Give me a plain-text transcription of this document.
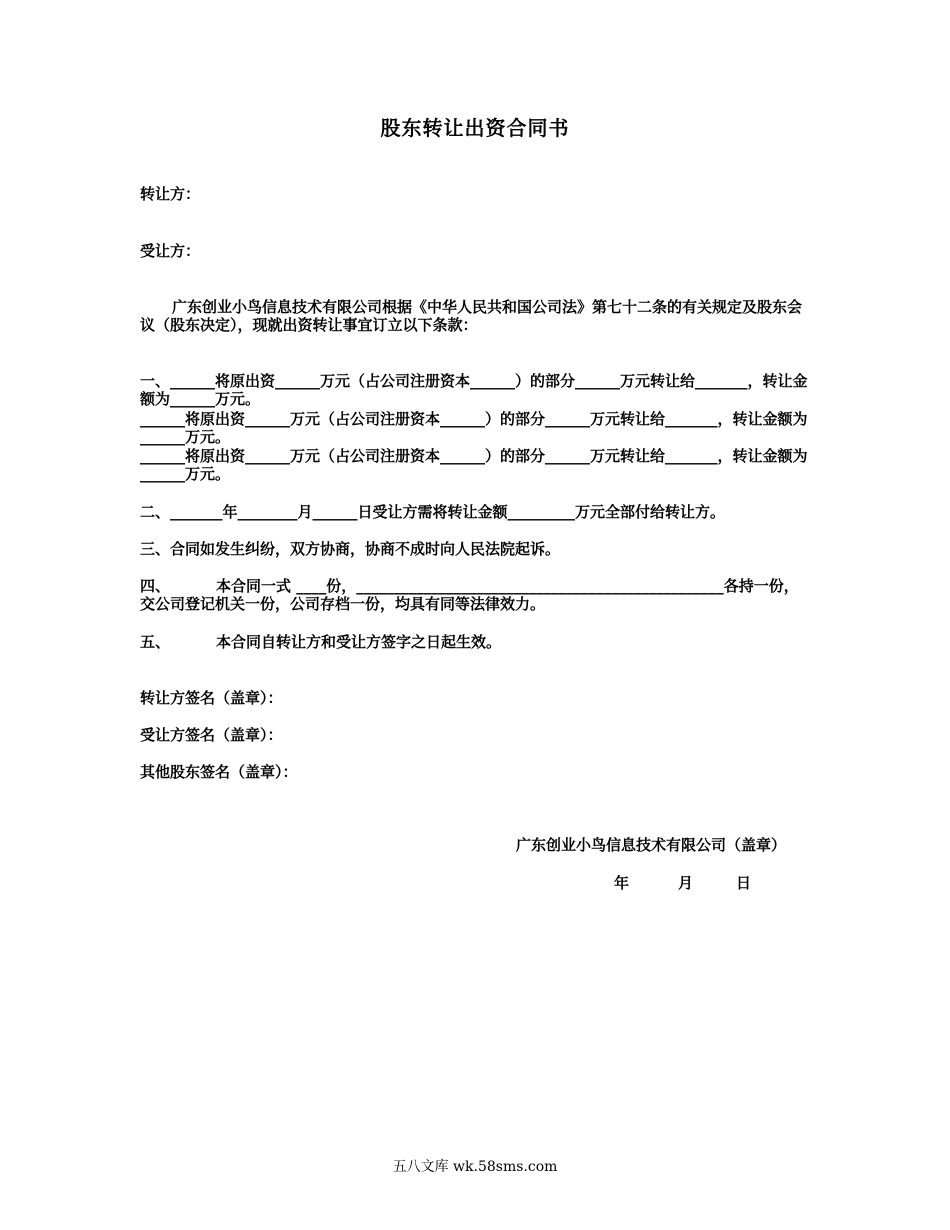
股东转让出资合同书
转让方：
受让方：
广东创业小鸟信息技术有限公司根据《中华人民共和国公司法》第七十二条的有关规定及股东会议（股东决定），现就出资转让事宜订立以下条款：
一、______将原出资______万元（占公司注册资本______）的部分______万元转让给_______，转让金额为______万元。
______将原出资______万元（占公司注册资本______）的部分______万元转让给_______，转让金额为______万元。
______将原出资______万元（占公司注册资本______）的部分______万元转让给_______，转让金额为______万元。
二、_______年________月______日受让方需将转让金额_________万元全部付给转让方。
三、合同如发生纠纷，双方协商，协商不成时向人民法院起诉。
四、	本合同一式 ____份，_________________________________________________各持一份，交公司登记机关一份，公司存档一份，均具有同等法律效力。
五、	本合同自转让方和受让方签字之日起生效。
转让方签名（盖章）：
受让方签名（盖章）：
其他股东签名（盖章）：
广东创业小鸟信息技术有限公司（盖章）
年	月	日
五八文库 wk.58sms.com
